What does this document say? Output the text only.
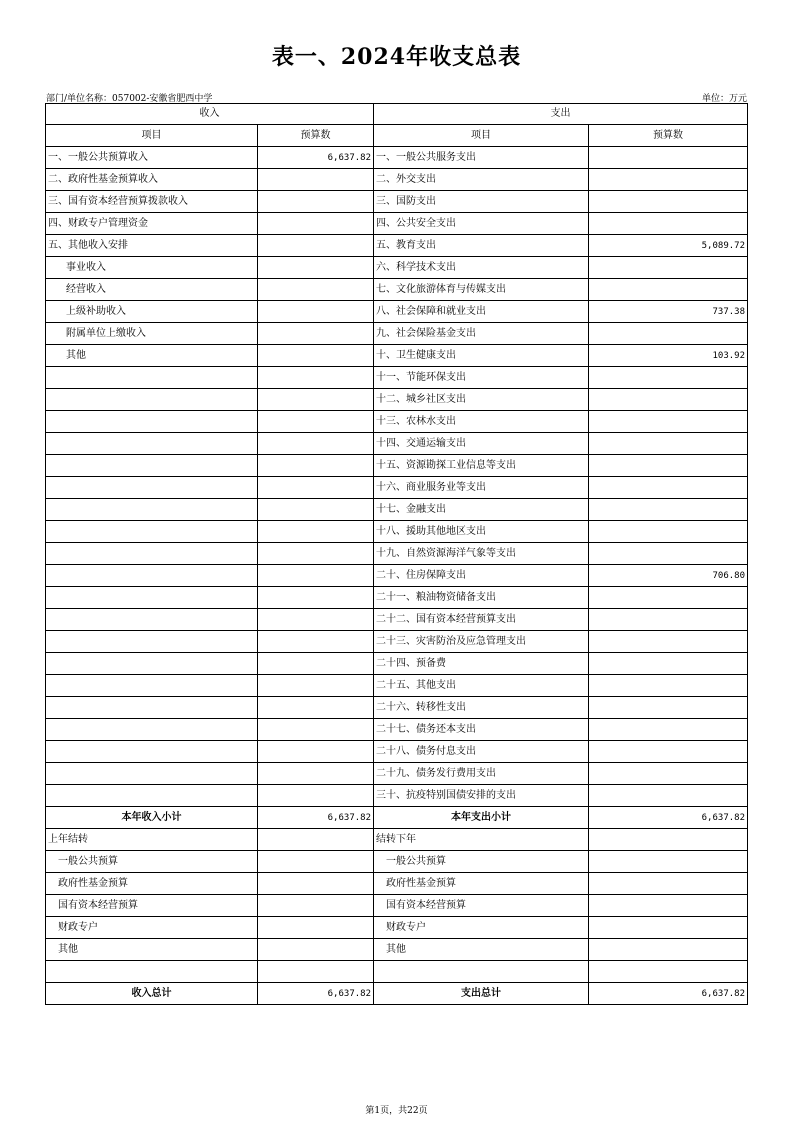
表一、2024年收支总表
部门/单位名称：057002-安徽省肥西中学	单位：万元
收入		支出	
项目	预算数	项目	预算数
一、一般公共预算收入	6,637.82	一、一般公共服务支出	
二、政府性基金预算收入		二、外交支出	
三、国有资本经营预算拨款收入		三、国防支出	
四、财政专户管理资金		四、公共安全支出	
五、其他收入安排		五、教育支出	5,089.72
事业收入		六、科学技术支出	
经营收入		七、文化旅游体育与传媒支出	
上级补助收入		八、社会保障和就业支出	737.38
附属单位上缴收入		九、社会保险基金支出	
其他		十、卫生健康支出	103.92
		十一、节能环保支出	
		十二、城乡社区支出	
		十三、农林水支出	
		十四、交通运输支出	
		十五、资源勘探工业信息等支出	
		十六、商业服务业等支出	
		十七、金融支出	
		十八、援助其他地区支出	
		十九、自然资源海洋气象等支出	
		二十、住房保障支出	706.80
		二十一、粮油物资储备支出	
		二十二、国有资本经营预算支出	
		二十三、灾害防治及应急管理支出	
		二十四、预备费	
		二十五、其他支出	
		二十六、转移性支出	
		二十七、债务还本支出	
		二十八、债务付息支出	
		二十九、债务发行费用支出	
		三十、抗疫特别国债安排的支出	
本年收入小计	6,637.82	本年支出小计	6,637.82
上年结转		结转下年	
一般公共预算		一般公共预算	
政府性基金预算		政府性基金预算	
国有资本经营预算		国有资本经营预算	
财政专户		财政专户	
其他		其他	

收入总计	6,637.82	支出总计	6,637.82
第1页，共22页
